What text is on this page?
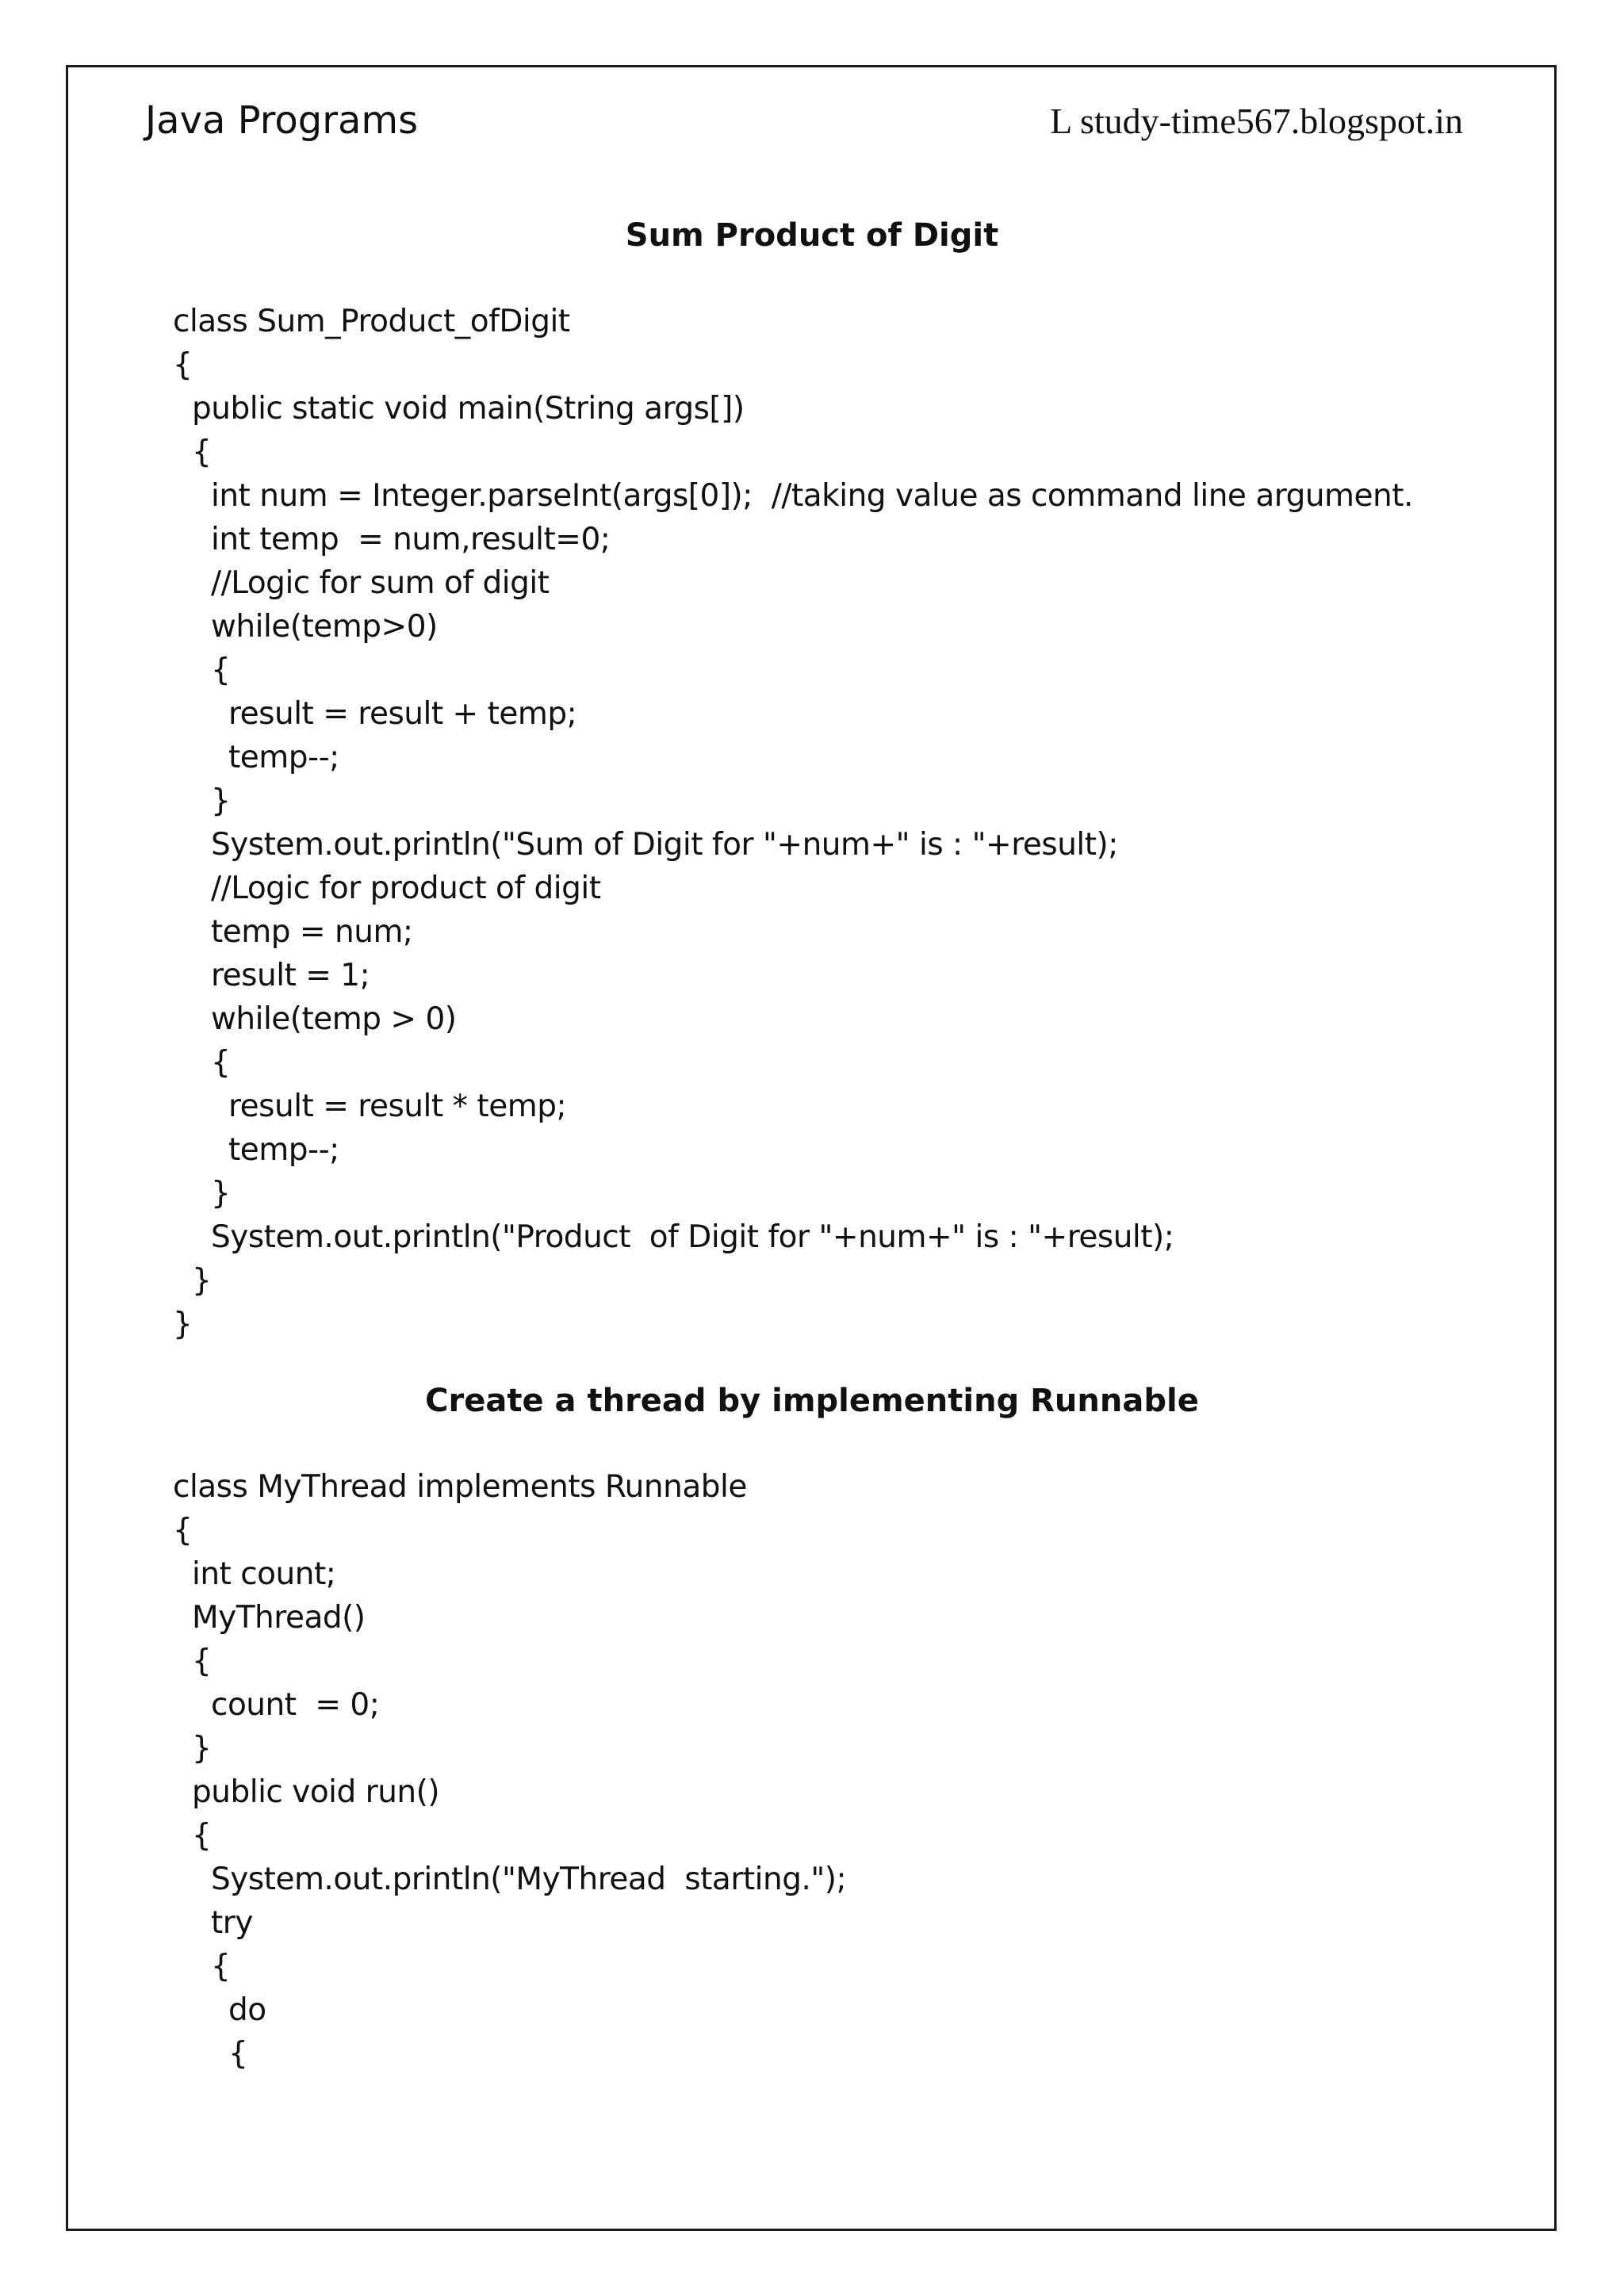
Java Programs	L study-time567.blogspot.in
Sum Product of Digit
class Sum_Product_ofDigit
{
public static void main(String args[])
{
int num = Integer.parseInt(args[0]);  //taking value as command line argument.
int temp  = num,result=0;
//Logic for sum of digit
while(temp>0)
{
result = result + temp;
temp--;
}
System.out.println("Sum of Digit for "+num+" is : "+result);
//Logic for product of digit
temp = num;
result = 1;
while(temp > 0)
{
result = result * temp;
temp--;
}
System.out.println("Product  of Digit for "+num+" is : "+result);
}
}
Create a thread by implementing Runnable
class MyThread implements Runnable
{
int count;
MyThread()
{
count  = 0;
}
public void run()
{
System.out.println("MyThread  starting.");
try
{
do
{
